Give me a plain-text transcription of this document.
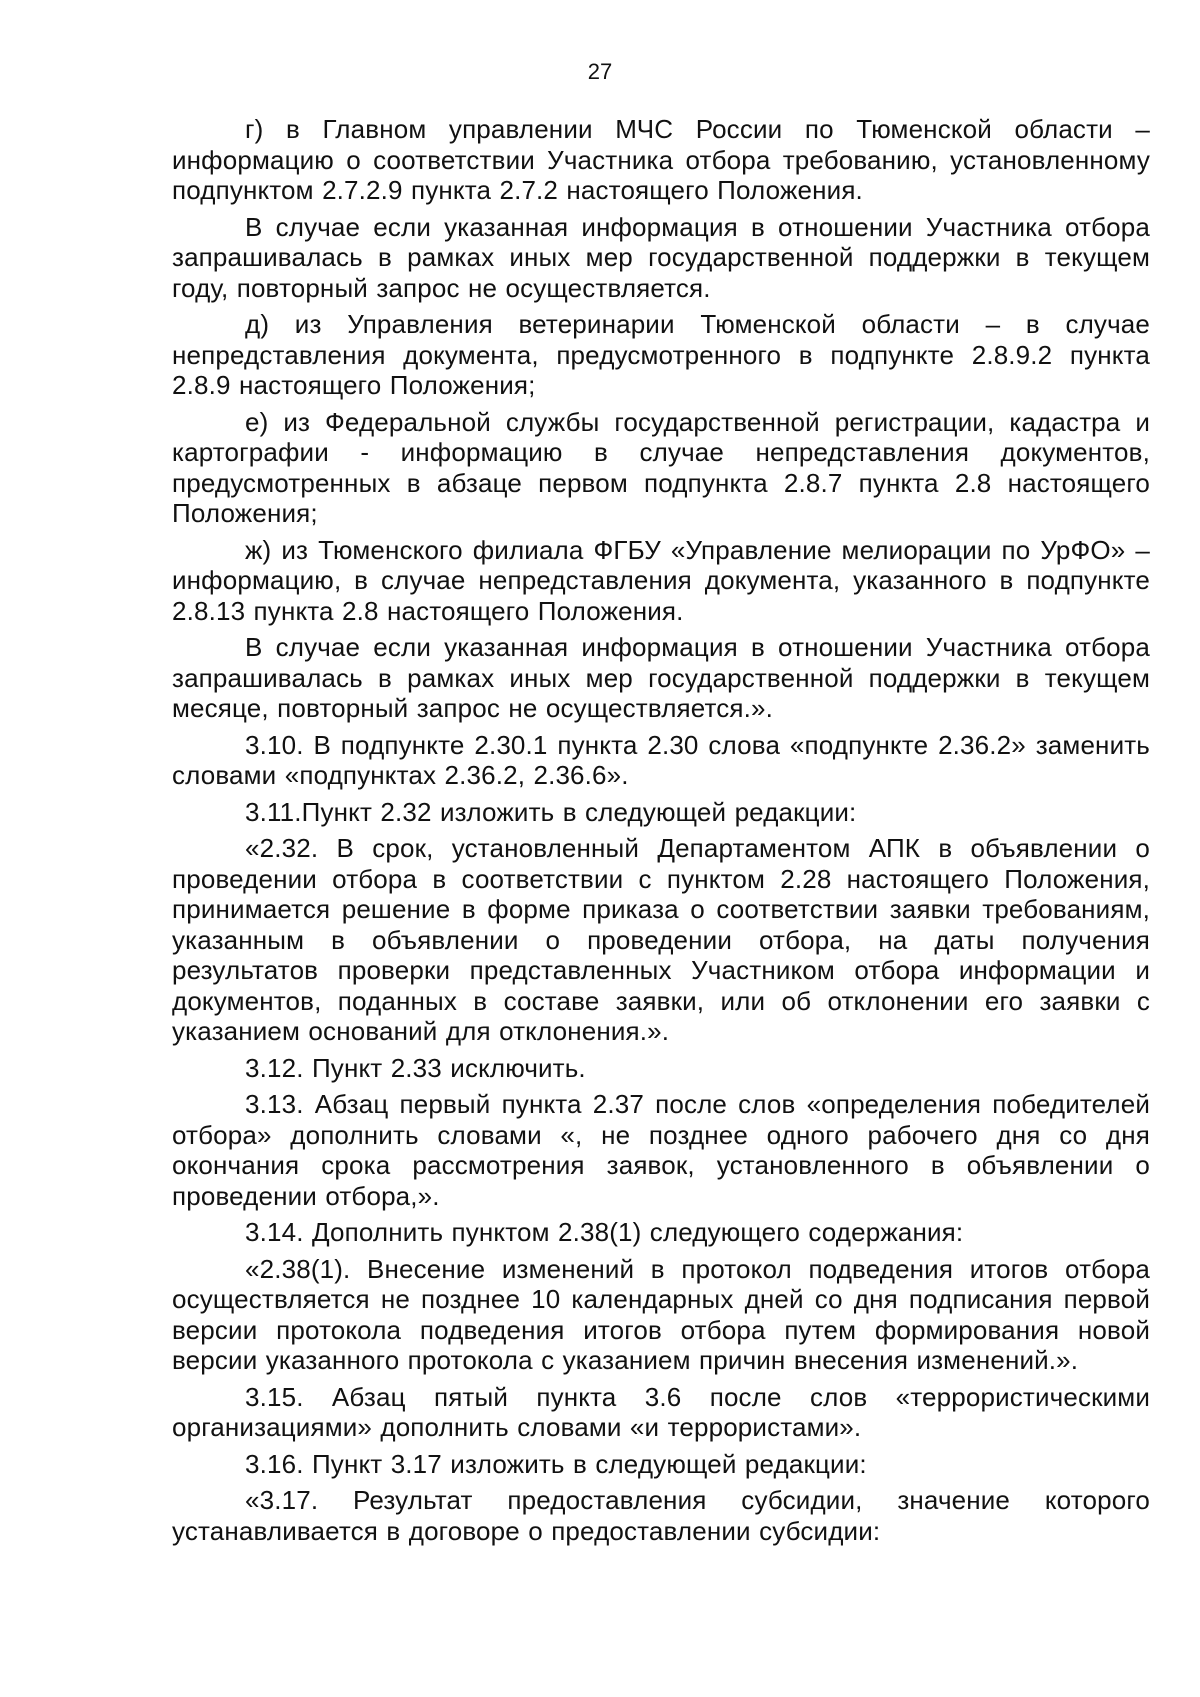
27

г) в Главном управлении МЧС России по Тюменской области – информацию о соответствии Участника отбора требованию, установленному подпунктом 2.7.2.9 пункта 2.7.2 настоящего Положения.

В случае если указанная информация в отношении Участника отбора запрашивалась в рамках иных мер государственной поддержки в текущем году, повторный запрос не осуществляется.

д) из Управления ветеринарии Тюменской области – в случае непредставления документа, предусмотренного в подпункте 2.8.9.2 пункта 2.8.9 настоящего Положения;

е) из Федеральной службы государственной регистрации, кадастра и картографии - информацию в случае непредставления документов, предусмотренных в абзаце первом подпункта 2.8.7 пункта 2.8 настоящего Положения;

ж) из Тюменского филиала ФГБУ «Управление мелиорации по УрФО» – информацию, в случае непредставления документа, указанного в подпункте 2.8.13 пункта 2.8 настоящего Положения.

В случае если указанная информация в отношении Участника отбора запрашивалась в рамках иных мер государственной поддержки в текущем месяце, повторный запрос не осуществляется.».

3.10. В подпункте 2.30.1 пункта 2.30 слова «подпункте 2.36.2» заменить словами «подпунктах 2.36.2, 2.36.6».

3.11.Пункт 2.32 изложить в следующей редакции:

«2.32. В срок, установленный Департаментом АПК в объявлении о проведении отбора в соответствии с пунктом 2.28 настоящего Положения, принимается решение в форме приказа о соответствии заявки требованиям, указанным в объявлении о проведении отбора, на даты получения результатов проверки представленных Участником отбора информации и документов, поданных в составе заявки, или об отклонении его заявки с указанием оснований для отклонения.».

3.12. Пункт 2.33 исключить.

3.13. Абзац первый пункта 2.37 после слов «определения победителей отбора» дополнить словами «, не позднее одного рабочего дня со дня окончания срока рассмотрения заявок, установленного в объявлении о проведении отбора,».

3.14. Дополнить пунктом 2.38(1) следующего содержания:

«2.38(1). Внесение изменений в протокол подведения итогов отбора осуществляется не позднее 10 календарных дней со дня подписания первой версии протокола подведения итогов отбора путем формирования новой версии указанного протокола с указанием причин внесения изменений.».

3.15. Абзац пятый пункта 3.6 после слов «террористическими организациями» дополнить словами «и террористами».

3.16. Пункт 3.17 изложить в следующей редакции:

«3.17. Результат предоставления субсидии, значение которого устанавливается в договоре о предоставлении субсидии:
